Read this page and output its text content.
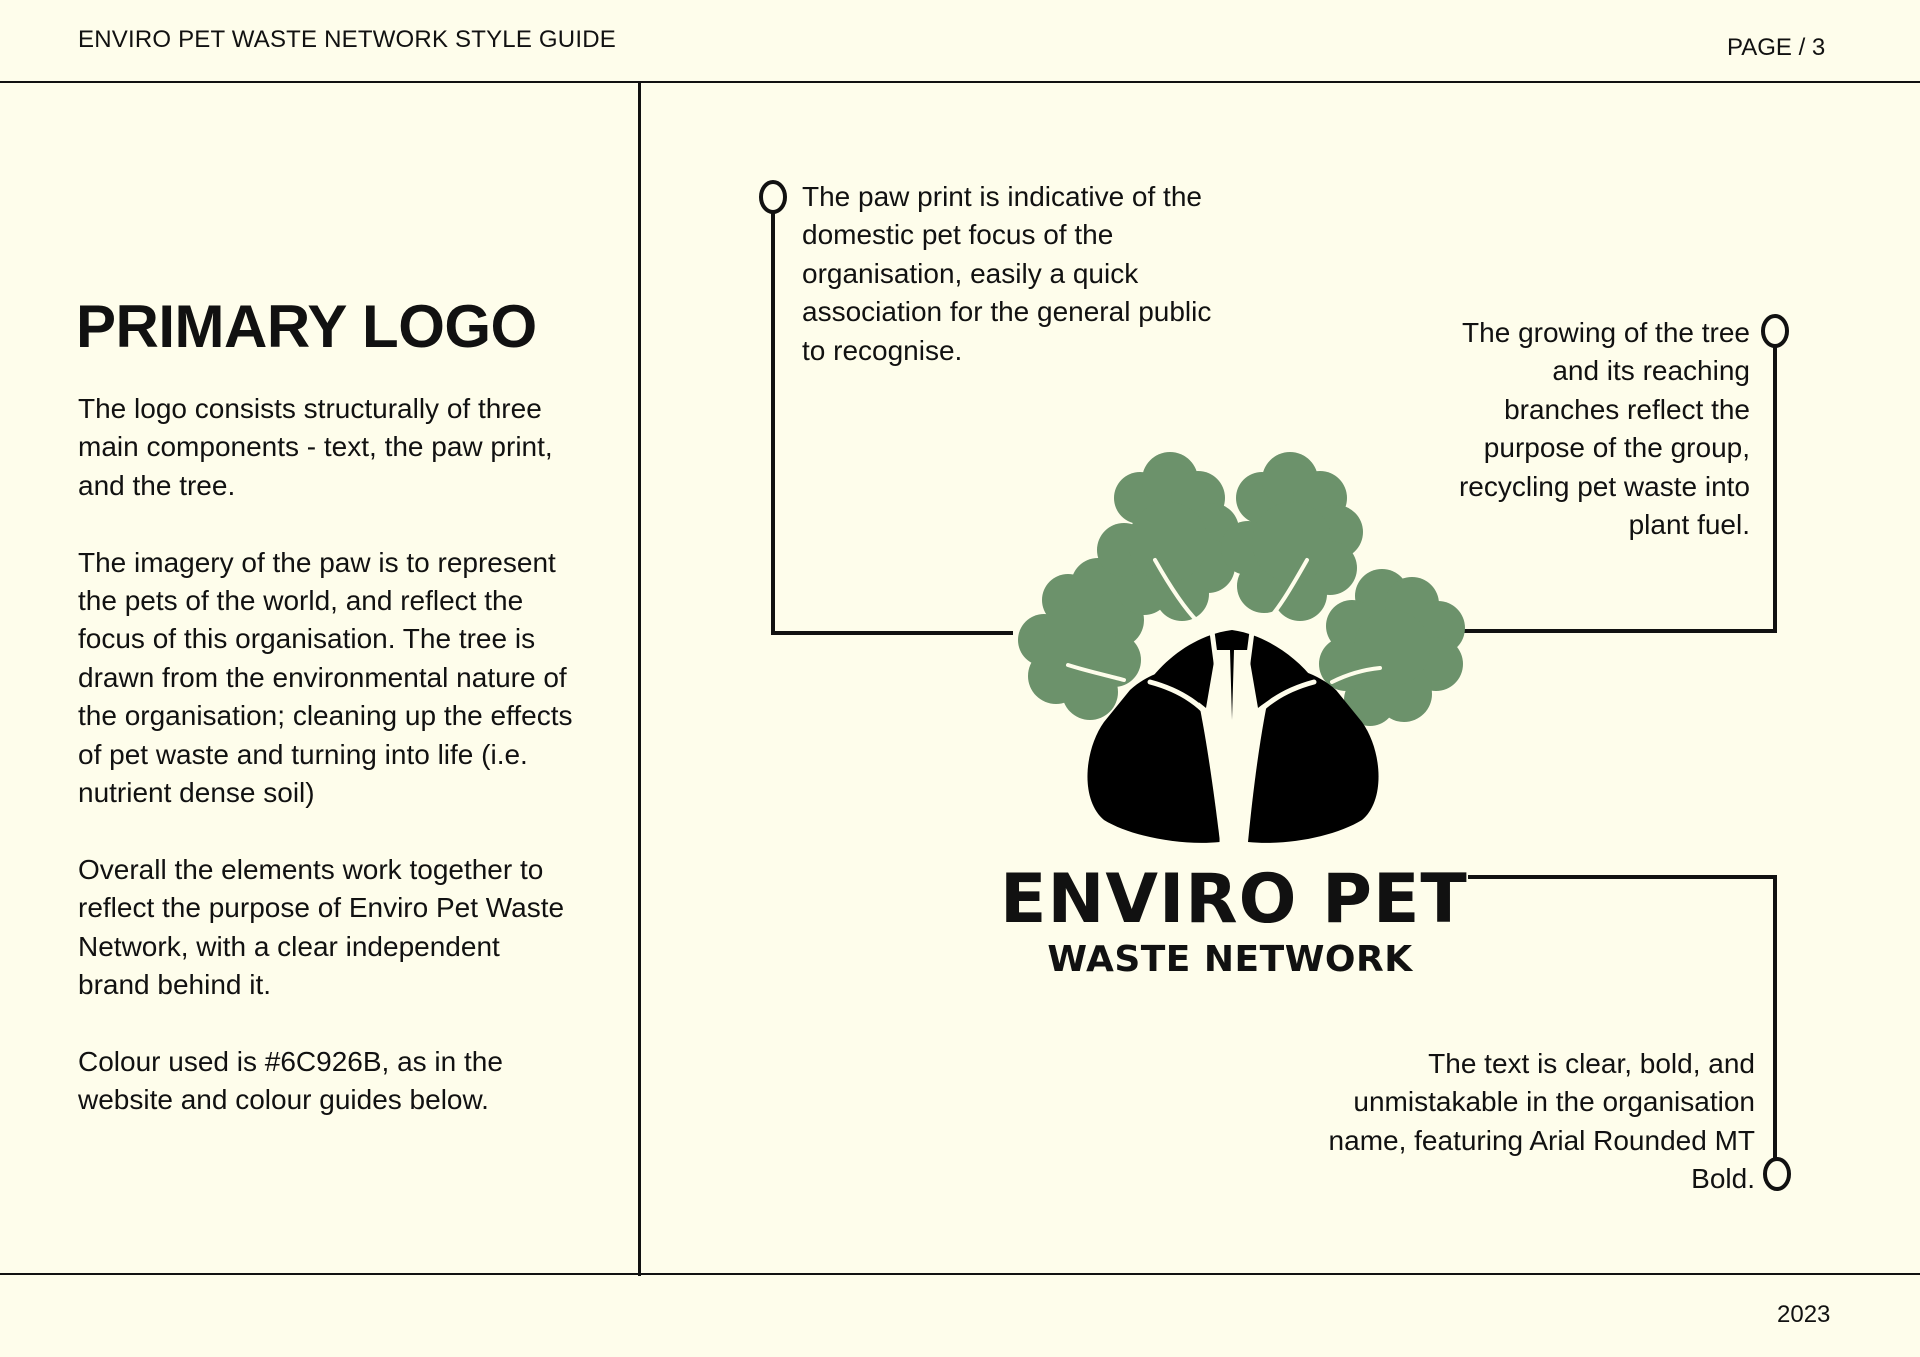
ENVIRO PET WASTE NETWORK STYLE GUIDE	PAGE / 3
2023
PRIMARY LOGO

The logo consists structurally of three main components - text, the paw print, and the tree.

The imagery of the paw is to represent the pets of the world, and reflect the focus of this organisation. The tree is drawn from the environmental nature of the organisation; cleaning up the effects of pet waste and turning into life (i.e. nutrient dense soil)

Overall the elements work together to reflect the purpose of Enviro Pet Waste Network, with a clear independent brand behind it.

Colour used is #6C926B, as in the website and colour guides below.

The paw print is indicative of the domestic pet focus of the organisation, easily a quick association for the general public to recognise.

The growing of the tree and its reaching branches reflect the purpose of the group, recycling pet waste into plant fuel.

The text is clear, bold, and unmistakable in the organisation name, featuring Arial Rounded MT Bold.

ENVIRO PET
WASTE NETWORK
